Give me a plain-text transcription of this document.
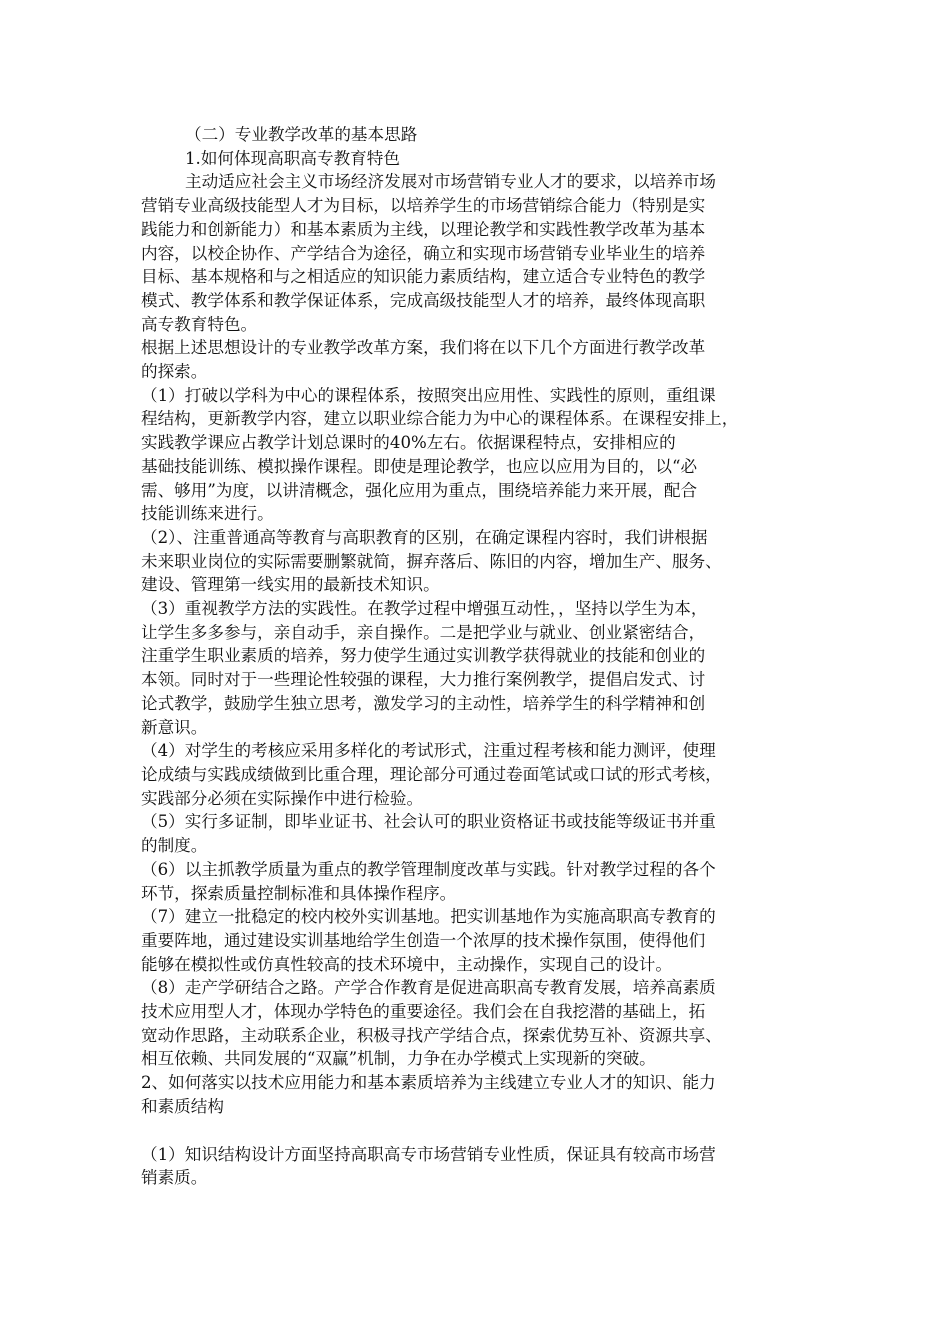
（二）专业教学改革的基本思路
1.如何体现高职高专教育特色
主动适应社会主义市场经济发展对市场营销专业人才的要求，以培养市场
营销专业高级技能型人才为目标，以培养学生的市场营销综合能力（特别是实
践能力和创新能力）和基本素质为主线，以理论教学和实践性教学改革为基本
内容，以校企协作、产学结合为途径，确立和实现市场营销专业毕业生的培养
目标、基本规格和与之相适应的知识能力素质结构，建立适合专业特色的教学
模式、教学体系和教学保证体系，完成高级技能型人才的培养，最终体现高职
高专教育特色。
根据上述思想设计的专业教学改革方案，我们将在以下几个方面进行教学改革
的探索。
（1）打破以学科为中心的课程体系，按照突出应用性、实践性的原则，重组课
程结构，更新教学内容，建立以职业综合能力为中心的课程体系。在课程安排上，
实践教学课应占教学计划总课时的40%左右。依据课程特点，安排相应的
基础技能训练、模拟操作课程。即使是理论教学，也应以应用为目的，以“必
需、够用”为度，以讲清概念，强化应用为重点，围绕培养能力来开展，配合
技能训练来进行。
（2）、注重普通高等教育与高职教育的区别，在确定课程内容时，我们讲根据
未来职业岗位的实际需要删繁就简，摒弃落后、陈旧的内容，增加生产、服务、
建设、管理第一线实用的最新技术知识。
（3）重视教学方法的实践性。在教学过程中增强互动性，，坚持以学生为本，
让学生多多参与，亲自动手，亲自操作。二是把学业与就业、创业紧密结合，
注重学生职业素质的培养，努力使学生通过实训教学获得就业的技能和创业的
本领。同时对于一些理论性较强的课程，大力推行案例教学，提倡启发式、讨
论式教学，鼓励学生独立思考，激发学习的主动性，培养学生的科学精神和创
新意识。
（4）对学生的考核应采用多样化的考试形式，注重过程考核和能力测评，使理
论成绩与实践成绩做到比重合理，理论部分可通过卷面笔试或口试的形式考核，
实践部分必须在实际操作中进行检验。
（5）实行多证制，即毕业证书、社会认可的职业资格证书或技能等级证书并重
的制度。
（6）以主抓教学质量为重点的教学管理制度改革与实践。针对教学过程的各个
环节，探索质量控制标准和具体操作程序。
（7）建立一批稳定的校内校外实训基地。把实训基地作为实施高职高专教育的
重要阵地，通过建设实训基地给学生创造一个浓厚的技术操作氛围，使得他们
能够在模拟性或仿真性较高的技术环境中，主动操作，实现自己的设计。
（8）走产学研结合之路。产学合作教育是促进高职高专教育发展，培养高素质
技术应用型人才，体现办学特色的重要途径。我们会在自我挖潜的基础上，拓
宽动作思路，主动联系企业，积极寻找产学结合点，探索优势互补、资源共享、
相互依赖、共同发展的“双赢”机制，力争在办学模式上实现新的突破。
2、如何落实以技术应用能力和基本素质培养为主线建立专业人才的知识、能力
和素质结构
（1）知识结构设计方面坚持高职高专市场营销专业性质，保证具有较高市场营
销素质。
